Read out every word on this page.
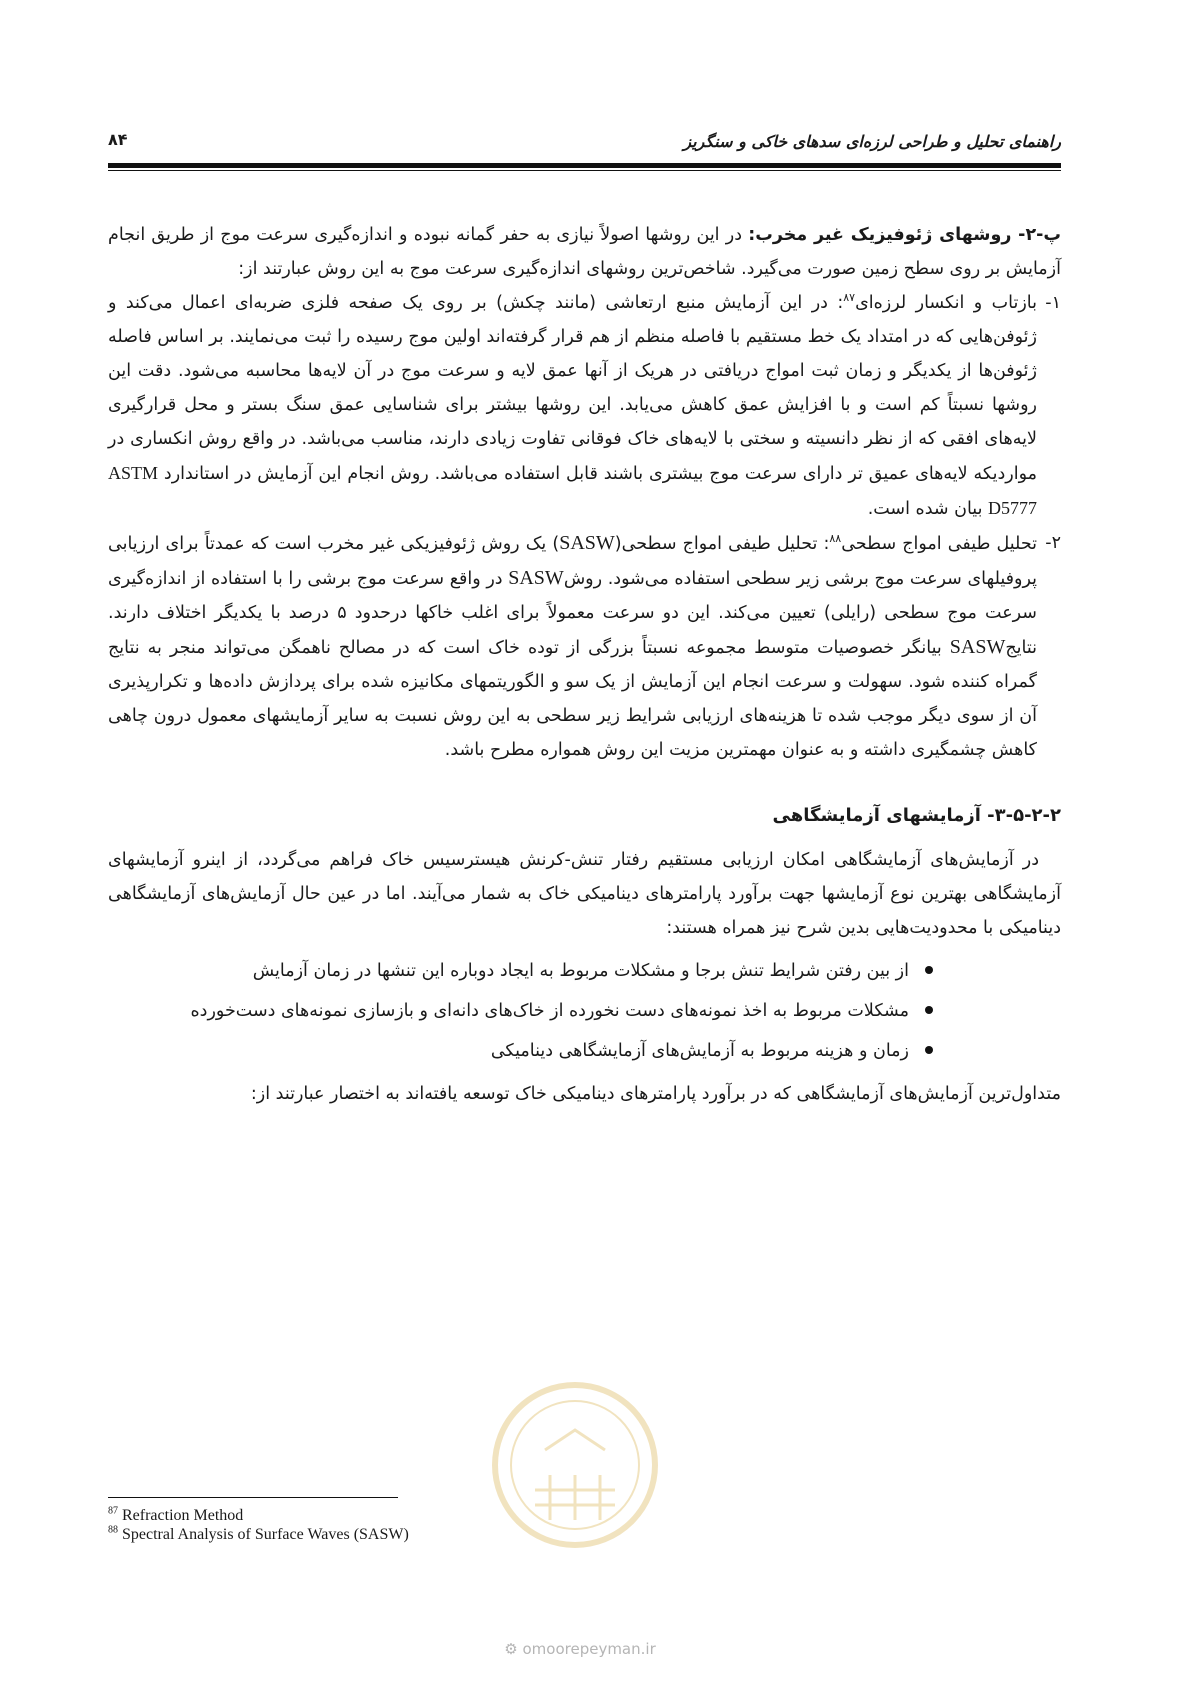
راهنمای تحلیل و طراحی لرزه‌ای سدهای خاکی و سنگریز
۸۴

پ-۲- روشهای ژئوفیزیک غیر مخرب: در این روشها اصولاً نیازی به حفر گمانه نبوده و اندازه‌گیری سرعت موج از طریق انجام آزمایش بر روی سطح زمین صورت می‌گیرد. شاخص‌ترین روشهای اندازه‌گیری سرعت موج به این روش عبارتند از:

۱-
بازتاب و انکسار لرزه‌ای$^{۸۷}$: در این آزمایش منبع ارتعاشی (مانند چکش) بر روی یک صفحه فلزی ضربه‌ای اعمال می‌کند و ژئوفن‌هایی که در امتداد یک خط مستقیم با فاصله منظم از هم قرار گرفته‌اند اولین موج رسیده را ثبت می‌نمایند. بر اساس فاصله ژئوفن‌ها از یکدیگر و زمان ثبت امواج دریافتی در هریک از آنها عمق لایه و سرعت موج در آن لایه‌ها محاسبه می‌شود. دقت این روشها نسبتاً کم است و با افزایش عمق کاهش می‌یابد. این روشها بیشتر برای شناسایی عمق سنگ بستر و محل قرارگیری لایه‌های افقی که از نظر دانسیته و سختی با لایه‌های خاک فوقانی تفاوت زیادی دارند، مناسب می‌باشد. در واقع روش انکساری در مواردیکه لایه‌های عمیق تر دارای سرعت موج بیشتری باشند قابل استفاده می‌باشد. روش انجام این آزمایش در استاندارد ASTM D5777 بیان شده است.
۲-
تحلیل طیفی امواج سطحی$^{۸۸}$: تحلیل طیفی امواج سطحی(SASW) یک روش ژئوفیزیکی غیر مخرب است که عمدتاً برای ارزیابی پروفیلهای سرعت موج برشی زیر سطحی استفاده می‌شود. روشSASW در واقع سرعت موج برشی را با استفاده از اندازه‌گیری سرعت موج سطحی (رایلی) تعیین می‌کند. این دو سرعت معمولاً برای اغلب خاکها درحدود ۵ درصد با یکدیگر اختلاف دارند. نتایجSASW بیانگر خصوصیات متوسط مجموعه نسبتاً بزرگی از توده خاک است که در مصالح ناهمگن می‌تواند منجر به نتایج گمراه کننده شود. سهولت و سرعت انجام این آزمایش از یک سو و الگوریتمهای مکانیزه شده برای پردازش داده‌ها و تکرارپذیری آن از سوی دیگر موجب شده تا هزینه‌های ارزیابی شرایط زیر سطحی به این روش نسبت به سایر آزمایشهای معمول درون چاهی کاهش چشمگیری داشته و به عنوان مهمترین مزیت این روش همواره مطرح باشد.
۳-۵-۲-۲- آزمایشهای آزمایشگاهی

در آزمایش‌های آزمایشگاهی امکان ارزیابی مستقیم رفتار تنش-کرنش هیسترسیس خاک فراهم می‌گردد، از اینرو آزمایشهای آزمایشگاهی بهترین نوع آزمایشها جهت برآورد پارامترهای دینامیکی خاک به شمار می‌آیند. اما در عین حال آزمایش‌های آزمایشگاهی دینامیکی با محدودیت‌هایی بدین شرح نیز همراه هستند:

از بین رفتن شرایط تنش برجا و مشکلات مربوط به ایجاد دوباره این تنشها در زمان آزمایش
مشکلات مربوط به اخذ نمونه‌های دست نخورده از خاک‌های دانه‌ای و بازسازی نمونه‌های دست‌خورده
زمان و هزینه مربوط به آزمایش‌های آزمایشگاهی دینامیکی

متداول‌ترین آزمایش‌های آزمایشگاهی که در برآورد پارامترهای دینامیکی خاک توسعه یافته‌اند به اختصار عبارتند از:

⚙ omoorepeyman.ir
$^{87}$ Refraction Method
$^{88}$ Spectral Analysis of Surface Waves (SASW)
